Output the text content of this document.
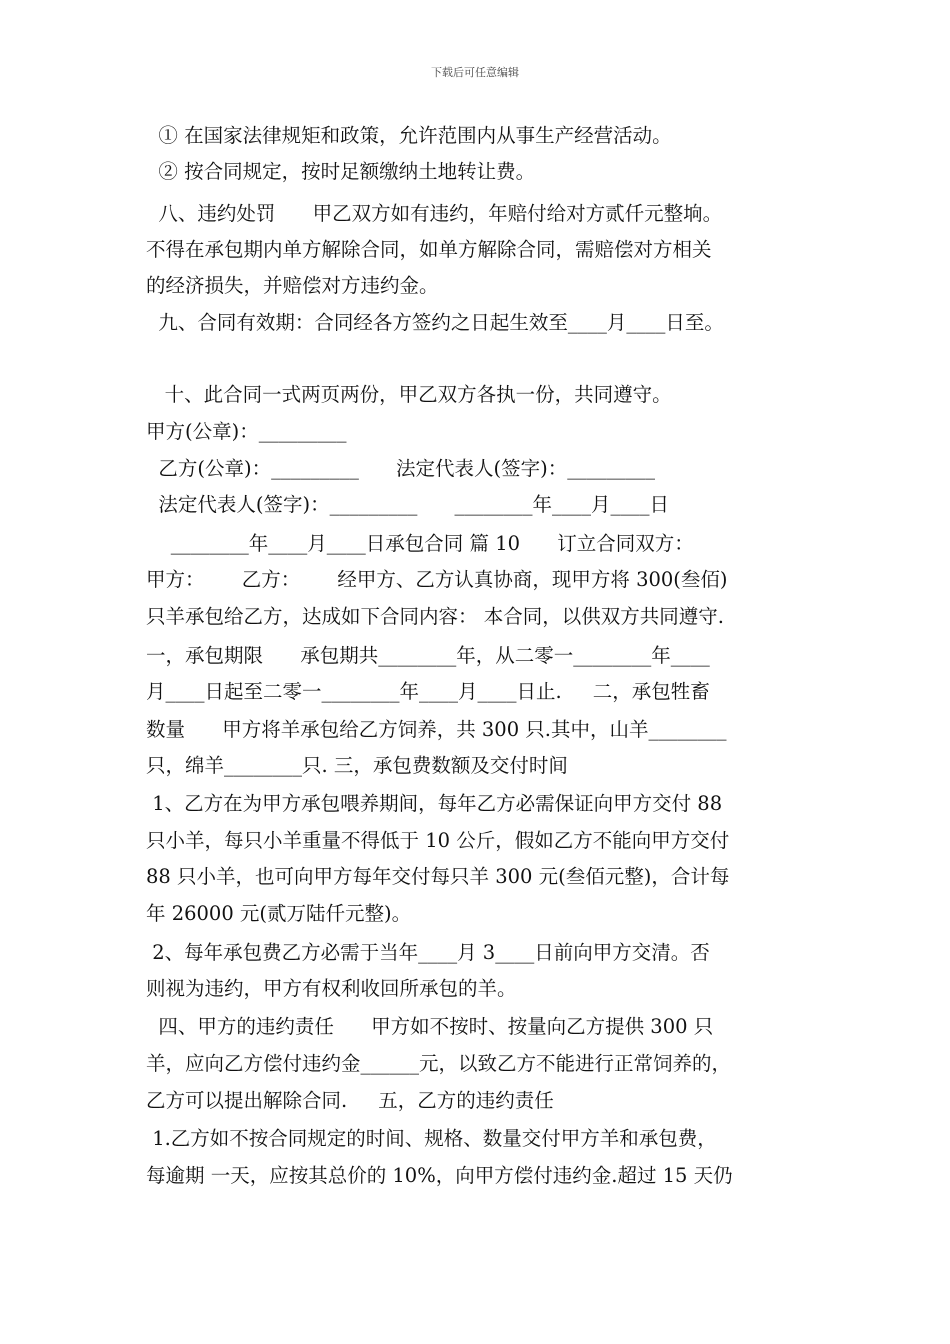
下载后可任意编辑
① 在国家法律规矩和政策，允许范围内从事生产经营活动。
② 按合同规定，按时足额缴纳土地转让费。
八、违约处罚      甲乙双方如有违约，年赔付给对方贰仟元整垧。
不得在承包期内单方解除合同，如单方解除合同，需赔偿对方相关
的经济损失，并赔偿对方违约金。
九、合同有效期：合同经各方签约之日起生效至____月____日至。
十、此合同一式两页两份，甲乙双方各执一份，共同遵守。
甲方(公章)：_________
乙方(公章)：_________      法定代表人(签字)：_________
法定代表人(签字)：_________      ________年____月____日
________年____月____日承包合同 篇 10      订立合同双方：
甲方：      乙方：      经甲方、乙方认真协商，现甲方将 300(叁佰)
只羊承包给乙方，达成如下合同内容： 本合同，以供双方共同遵守.
一，承包期限      承包期共________年，从二零一________年____
月____日起至二零一________年____月____日止.     二，承包牲畜
数量      甲方将羊承包给乙方饲养，共 300 只.其中，山羊________
只，绵羊________只. 三，承包费数额及交付时间
1、乙方在为甲方承包喂养期间，每年乙方必需保证向甲方交付 88
只小羊，每只小羊重量不得低于 10 公斤，假如乙方不能向甲方交付
88 只小羊，也可向甲方每年交付每只羊 300 元(叁佰元整)，合计每
年 26000 元(贰万陆仟元整)。
2、每年承包费乙方必需于当年____月 3____日前向甲方交清。否
则视为违约，甲方有权利收回所承包的羊。
四、甲方的违约责任      甲方如不按时、按量向乙方提供 300 只
羊，应向乙方偿付违约金______元，以致乙方不能进行正常饲养的，
乙方可以提出解除合同.     五，乙方的违约责任
1.乙方如不按合同规定的时间、规格、数量交付甲方羊和承包费，
每逾期 一天，应按其总价的 10%，向甲方偿付违约金.超过 15 天仍
